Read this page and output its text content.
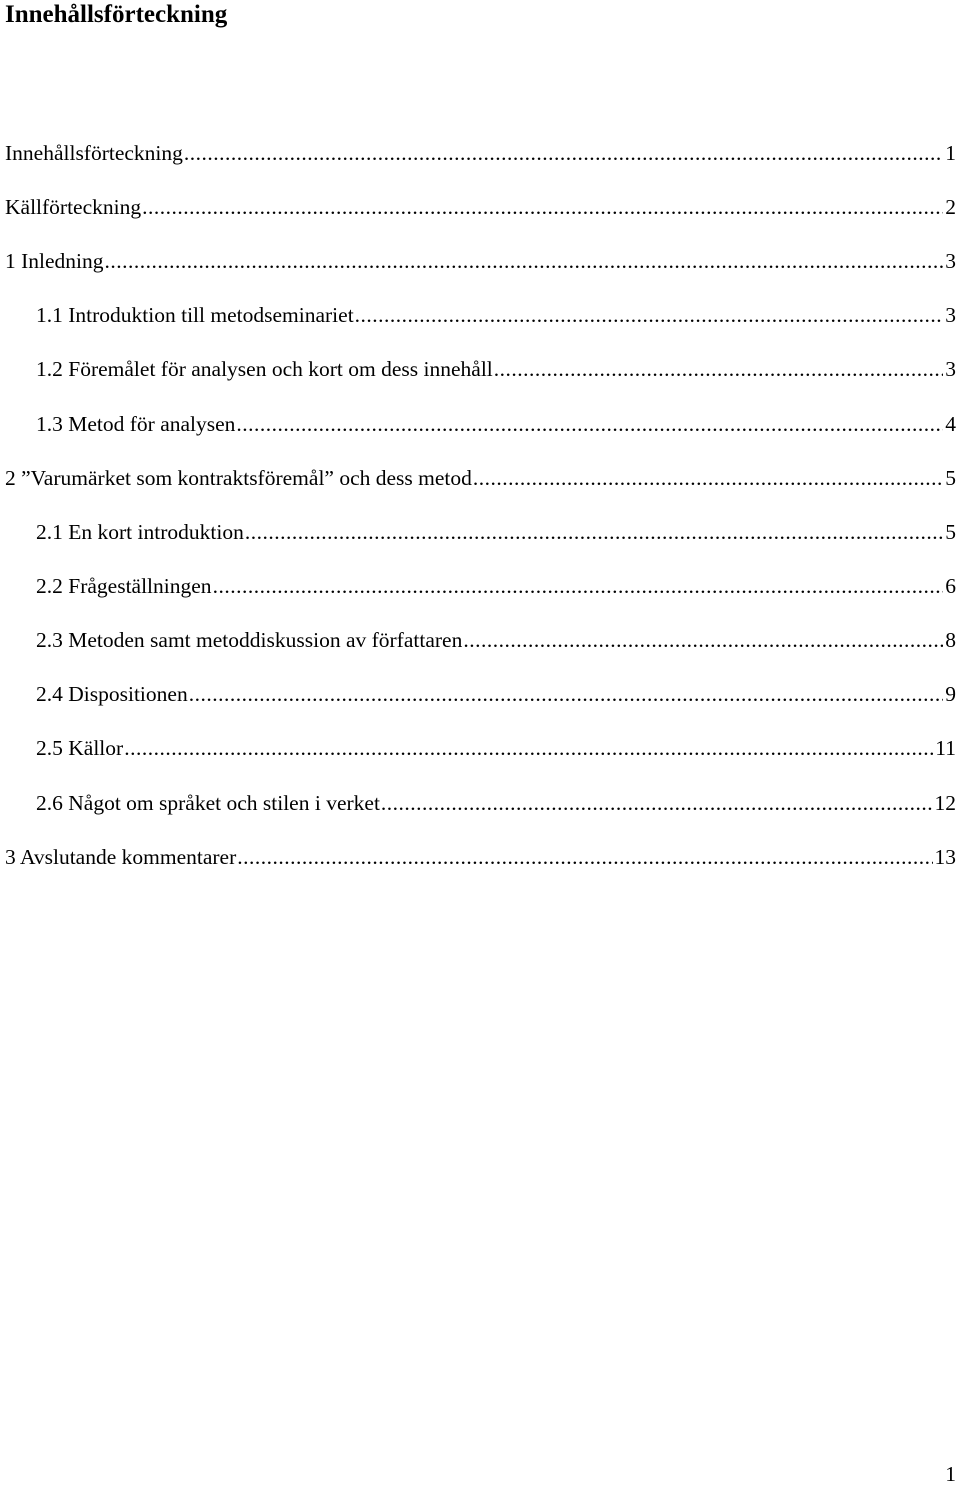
Innehållsförteckning
Innehållsförteckning .....	1
Källförteckning .....	2
1 Inledning .....	3
1.1 Introduktion till metodseminariet .....	3
1.2 Föremålet för analysen och kort om dess innehåll .....	3
1.3 Metod för analysen .....	4
2 ”Varumärket som kontraktsföremål” och dess metod .....	5
2.1 En kort introduktion .....	5
2.2 Frågeställningen .....	6
2.3 Metoden samt metoddiskussion av författaren .....	8
2.4 Dispositionen .....	9
2.5 Källor .....	11
2.6 Något om språket och stilen i verket .....	12
3 Avslutande kommentarer .....	13
1
